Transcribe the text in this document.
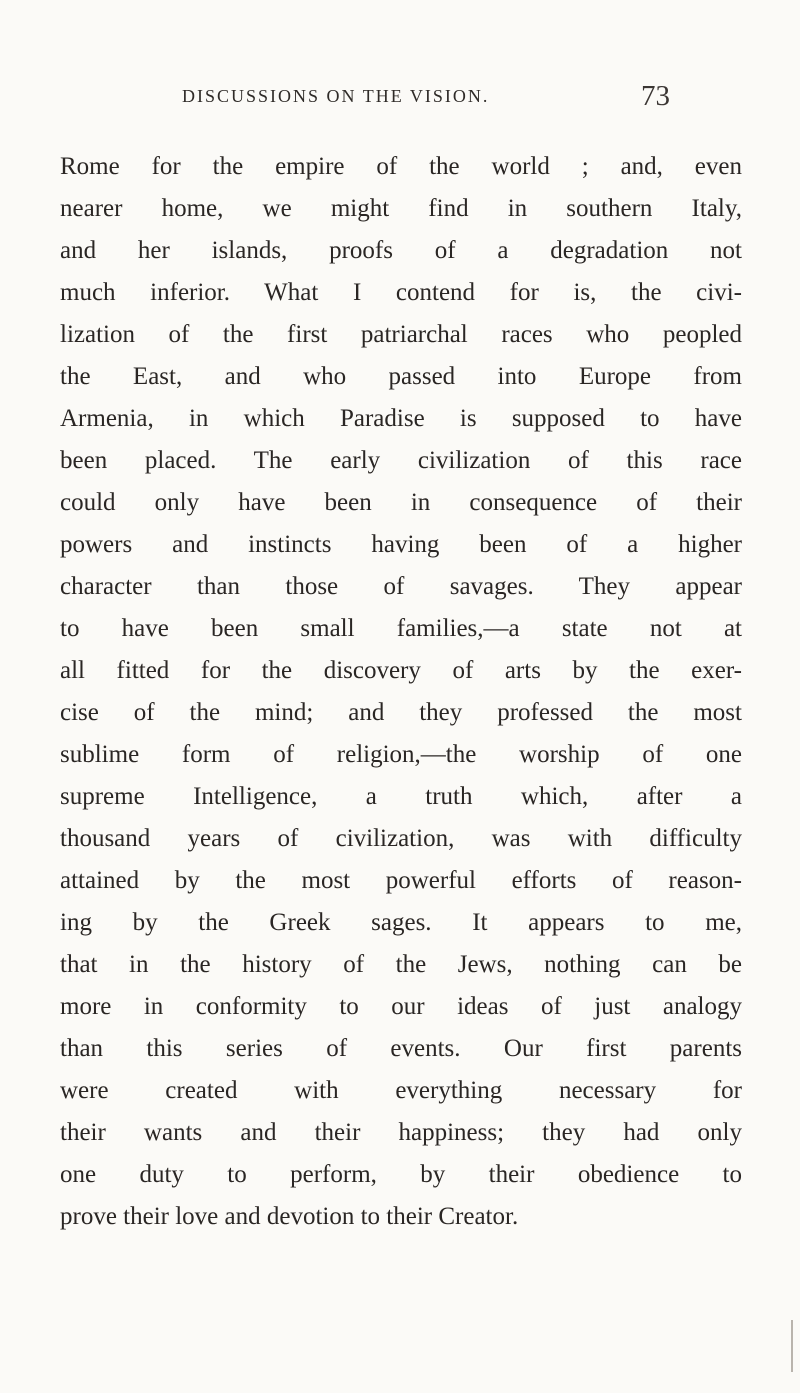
DISCUSSIONS ON THE VISION.	73
Rome for the empire of the world ; and, even
nearer home, we might find in southern Italy,
and her islands, proofs of a degradation not
much inferior. What I contend for is, the civi-
lization of the first patriarchal races who peopled
the East, and who passed into Europe from
Armenia, in which Paradise is supposed to have
been placed. The early civilization of this race
could only have been in consequence of their
powers and instincts having been of a higher
character than those of savages. They appear
to have been small families,—a state not at
all fitted for the discovery of arts by the exer-
cise of the mind; and they professed the most
sublime form of religion,—the worship of one
supreme Intelligence, a truth which, after a
thousand years of civilization, was with difficulty
attained by the most powerful efforts of reason-
ing by the Greek sages. It appears to me,
that in the history of the Jews, nothing can be
more in conformity to our ideas of just analogy
than this series of events. Our first parents
were created with everything necessary for
their wants and their happiness; they had only
one duty to perform, by their obedience to
prove their love and devotion to their Creator.
